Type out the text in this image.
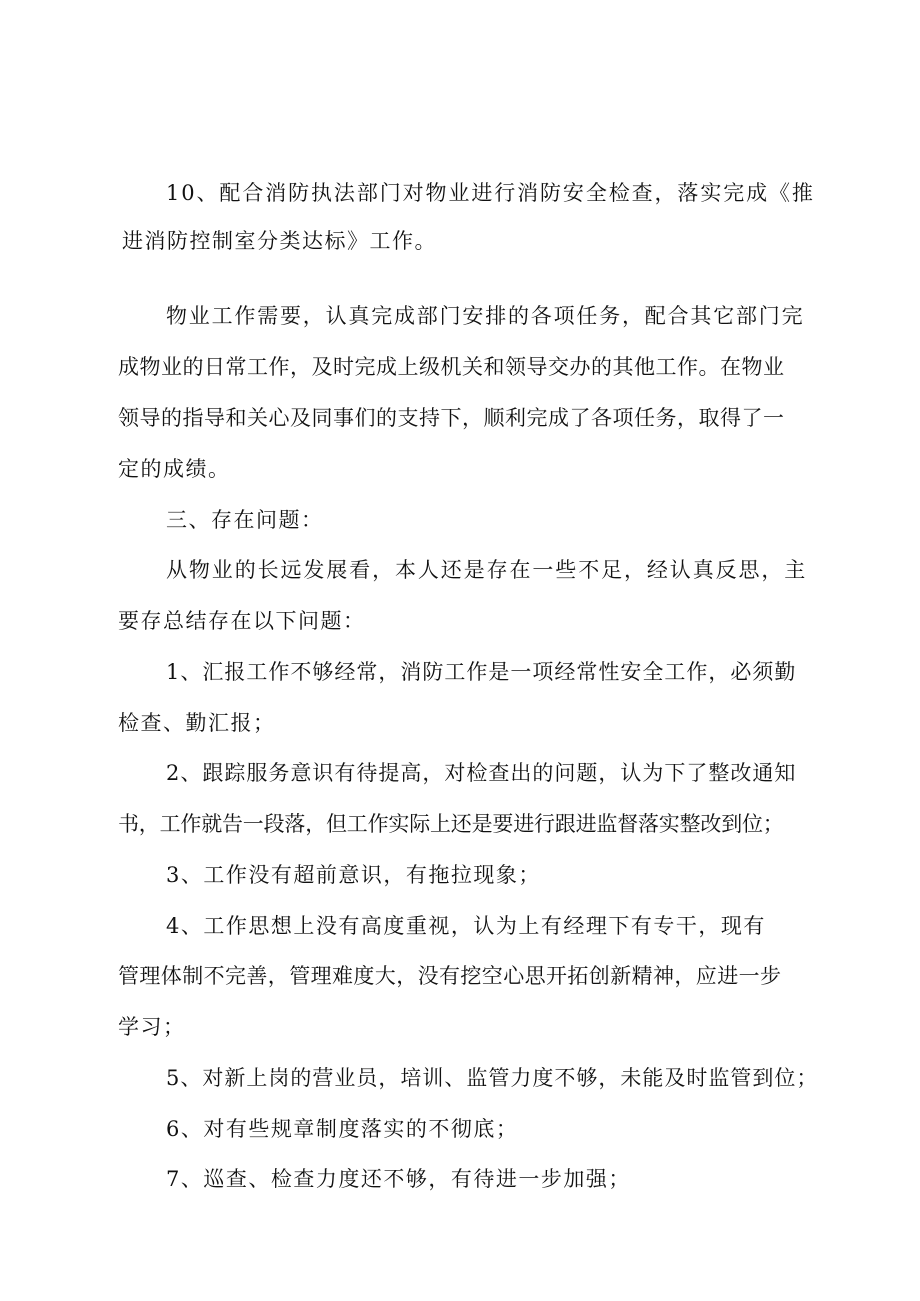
10、配合消防执法部门对物业进行消防安全检查，落实完成《推
进消防控制室分类达标》工作。
物业工作需要，认真完成部门安排的各项任务，配合其它部门完
成物业的日常工作，及时完成上级机关和领导交办的其他工作。在物业
领导的指导和关心及同事们的支持下，顺利完成了各项任务，取得了一
定的成绩。
三、存在问题：
从物业的长远发展看，本人还是存在一些不足，经认真反思，主
要存总结存在以下问题：
1、汇报工作不够经常，消防工作是一项经常性安全工作，必须勤
检查、勤汇报；
2、跟踪服务意识有待提高，对检查出的问题，认为下了整改通知
书，工作就告一段落，但工作实际上还是要进行跟进监督落实整改到位；
3、工作没有超前意识，有拖拉现象；
4、工作思想上没有高度重视，认为上有经理下有专干，现有
管理体制不完善，管理难度大，没有挖空心思开拓创新精神，应进一步
学习；
5、对新上岗的营业员，培训、监管力度不够，未能及时监管到位；
6、对有些规章制度落实的不彻底；
7、巡查、检查力度还不够，有待进一步加强；
